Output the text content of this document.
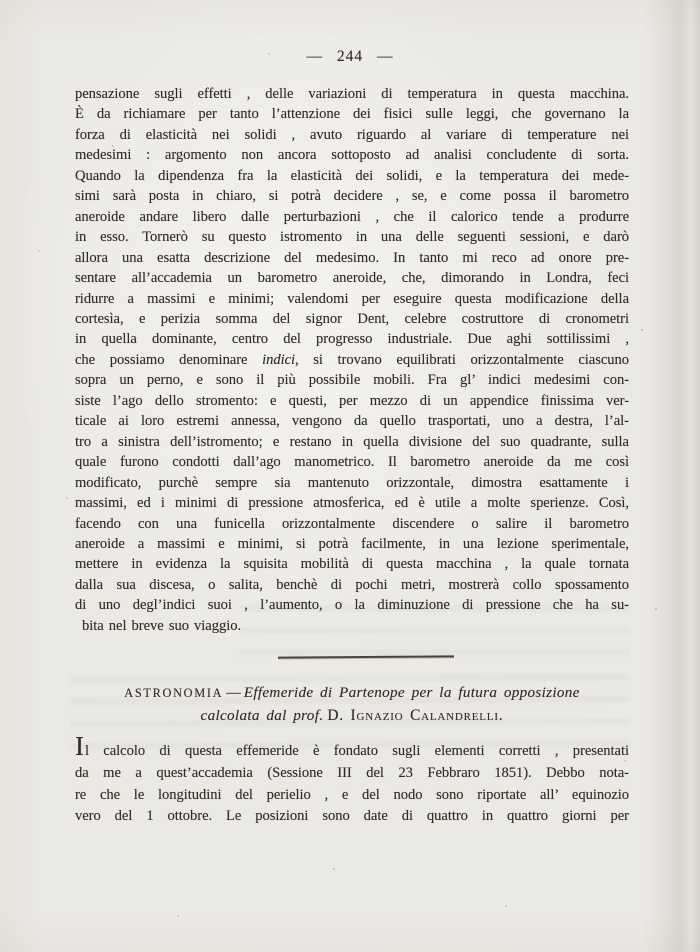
— 244 —
pensazione sugli effetti , delle variazioni di temperatura in questa macchina.
È da richiamare per tanto l’attenzione dei fisici sulle leggi, che governano la
forza di elasticità nei solidi , avuto riguardo al variare di temperature nei
medesimi : argomento non ancora sottoposto ad analisi concludente di sorta.
Quando la dipendenza fra la elasticità dei solidi, e la temperatura dei mede-
simi sarà posta in chiaro, si potrà decidere , se, e come possa il barometro
aneroide andare libero dalle perturbazioni , che il calorico tende a produrre
in esso. Tornerò su questo istromento in una delle seguenti sessioni, e darò
allora una esatta descrizione del medesimo. In tanto mi reco ad onore pre-
sentare all’accademia un barometro aneroide, che, dimorando in Londra, feci
ridurre a massimi e minimi; valendomi per eseguire questa modificazione della
cortesìa, e perizia somma del signor Dent, celebre costruttore di cronometri
in quella dominante, centro del progresso industriale. Due aghi sottilissimi ,
che possiamo denominare indici, si trovano equilibrati orizzontalmente ciascuno
sopra un perno, e sono il più possibile mobili. Fra gl’ indici medesimi con-
siste l’ago dello stromento: e questi, per mezzo di un appendice finissima ver-
ticale ai loro estremi annessa, vengono da quello trasportati, uno a destra, l’al-
tro a sinistra dell’istromento; e restano in quella divisione del suo quadrante, sulla
quale furono condotti dall’ago manometrico. Il barometro aneroide da me così
modificato, purchè sempre sia mantenuto orizzontale, dimostra esattamente i
massimi, ed i minimi di pressione atmosferica, ed è utile a molte sperienze. Così,
facendo con una funicella orizzontalmente discendere o salire il barometro
aneroide a massimi e minimi, si potrà facilmente, in una lezione sperimentale,
mettere in evidenza la squisita mobilità di questa macchina , la quale tornata
dalla sua discesa, o salita, benchè di pochi metri, mostrerà collo spossamento
di uno degl’indici suoi , l’aumento, o la diminuzione di pressione che ha su-
bita nel breve suo viaggio.
ASTRONOMIA — Effemeride di Partenope per la futura opposizione
calcolata dal prof. D. Ignazio Calandrelli.
Il calcolo di questa effemeride è fondato sugli elementi corretti , presentati
da me a quest’accademia (Sessione III del 23 Febbraro 1851). Debbo nota-
re che le longitudini del perielio , e del nodo sono riportate all’ equinozio
vero del 1 ottobre. Le posizioni sono date di quattro in quattro giorni per
